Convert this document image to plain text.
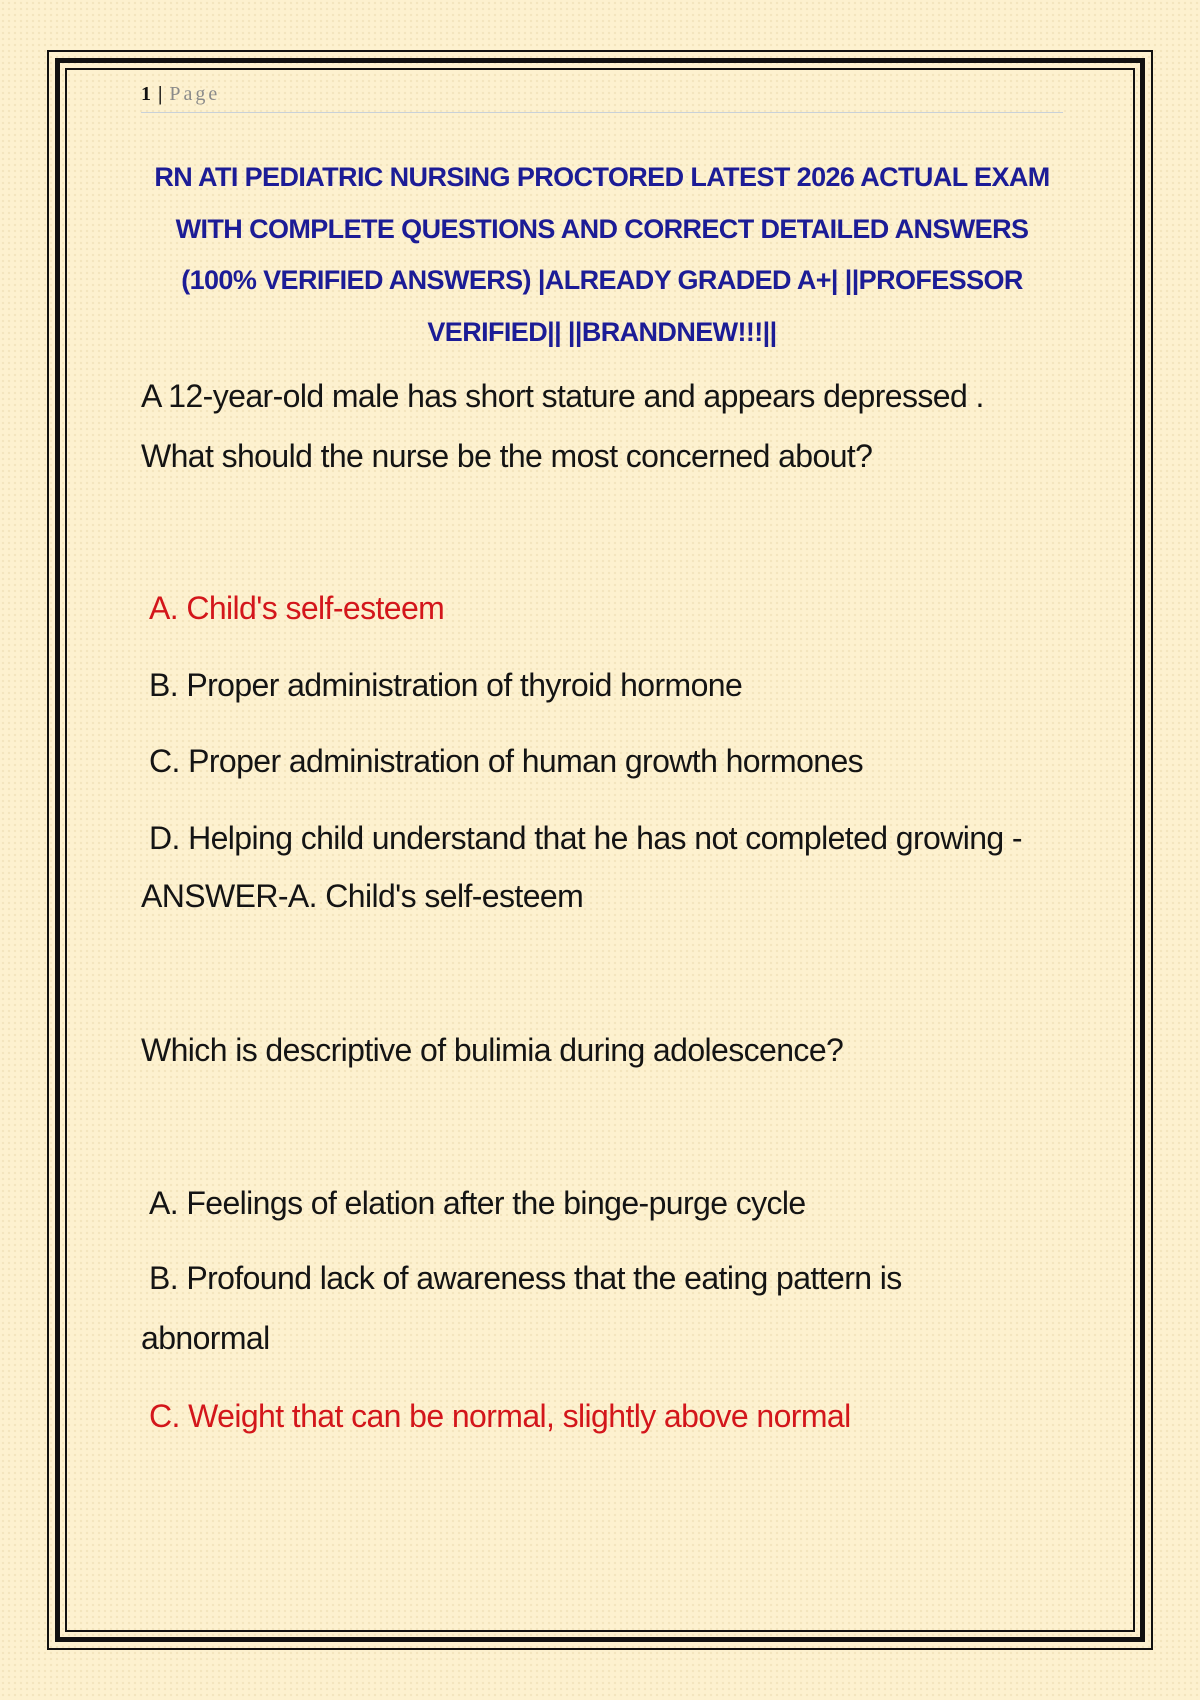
1 | Page
RN ATI PEDIATRIC NURSING PROCTORED LATEST 2026 ACTUAL EXAM WITH COMPLETE QUESTIONS AND CORRECT DETAILED ANSWERS (100% VERIFIED ANSWERS) |ALREADY GRADED A+| ||PROFESSOR VERIFIED|| ||BRANDNEW!!!||

A 12-year-old male has short stature and appears depressed .

What should the nurse be the most concerned about?

A. Child's self-esteem

B. Proper administration of thyroid hormone

C. Proper administration of human growth hormones

D. Helping child understand that he has not completed growing -

ANSWER-A. Child's self-esteem

Which is descriptive of bulimia during adolescence?

A. Feelings of elation after the binge-purge cycle

B. Profound lack of awareness that the eating pattern is

abnormal

C. Weight that can be normal, slightly above normal
